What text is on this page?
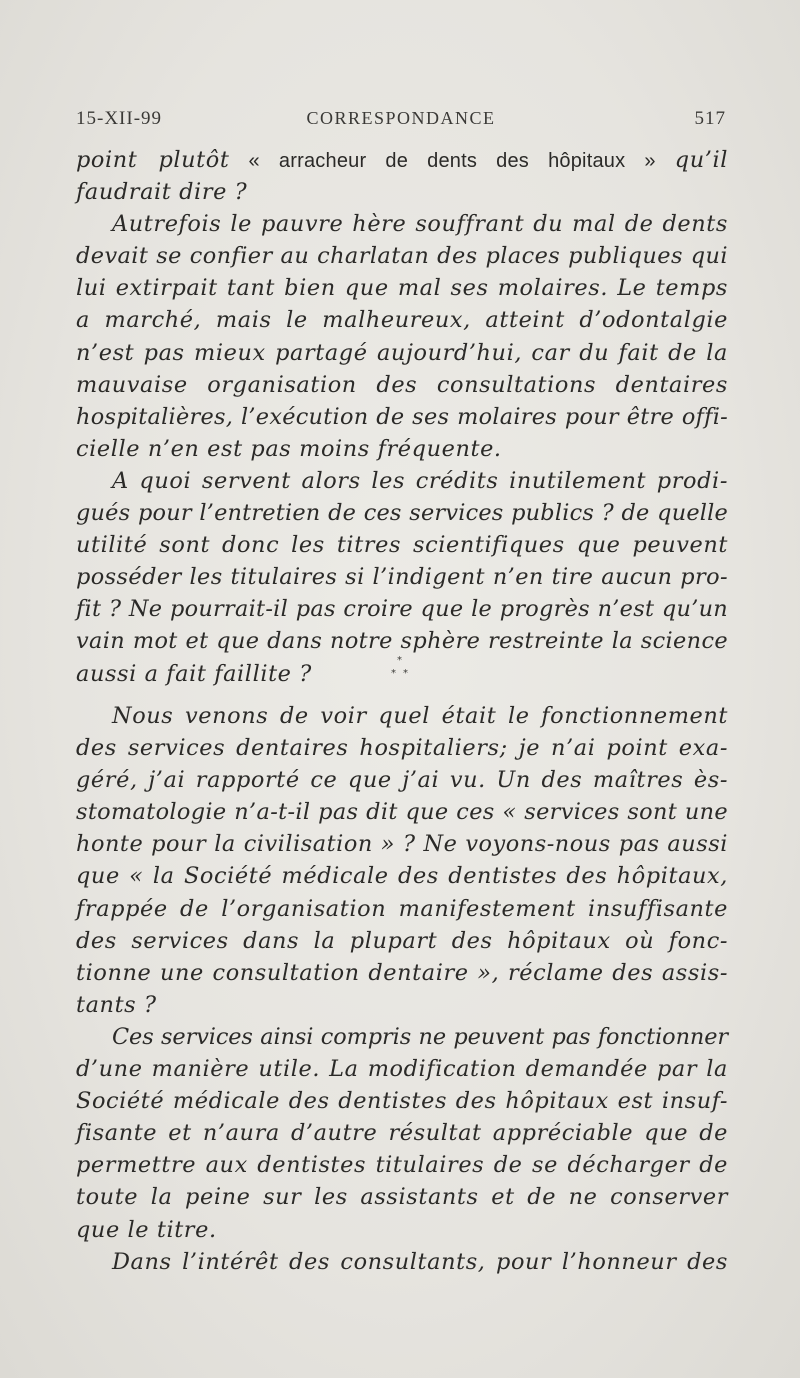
15-XII-99	CORRESPONDANCE	517
point plutôt « arracheur de dents des hôpitaux » qu’il
faudrait dire ?
Autrefois le pauvre hère souffrant du mal de dents
devait se confier au charlatan des places publiques qui
lui extirpait tant bien que mal ses molaires. Le temps
a marché, mais le malheureux, atteint d’odontalgie
n’est pas mieux partagé aujourd’hui, car du fait de la
mauvaise organisation des consultations dentaires
hospitalières, l’exécution de ses molaires pour être offi-
cielle n’en est pas moins fréquente.
A quoi servent alors les crédits inutilement prodi-
gués pour l’entretien de ces services publics ? de quelle
utilité sont donc les titres scientifiques que peuvent
posséder les titulaires si l’indigent n’en tire aucun pro-
fit ? Ne pourrait-il pas croire que le progrès n’est qu’un
vain mot et que dans notre sphère restreinte la science
aussi a fait faillite ?	*
* *
Nous venons de voir quel était le fonctionnement
des services dentaires hospitaliers; je n’ai point exa-
géré, j’ai rapporté ce que j’ai vu. Un des maîtres ès-
stomatologie n’a-t-il pas dit que ces « services sont une
honte pour la civilisation » ? Ne voyons-nous pas aussi
que « la Société médicale des dentistes des hôpitaux,
frappée de l’organisation manifestement insuffisante
des services dans la plupart des hôpitaux où fonc-
tionne une consultation dentaire », réclame des assis-
tants ?
Ces services ainsi compris ne peuvent pas fonctionner
d’une manière utile. La modification demandée par la
Société médicale des dentistes des hôpitaux est insuf-
fisante et n’aura d’autre résultat appréciable que de
permettre aux dentistes titulaires de se décharger de
toute la peine sur les assistants et de ne conserver
que le titre.
Dans l’intérêt des consultants, pour l’honneur des
